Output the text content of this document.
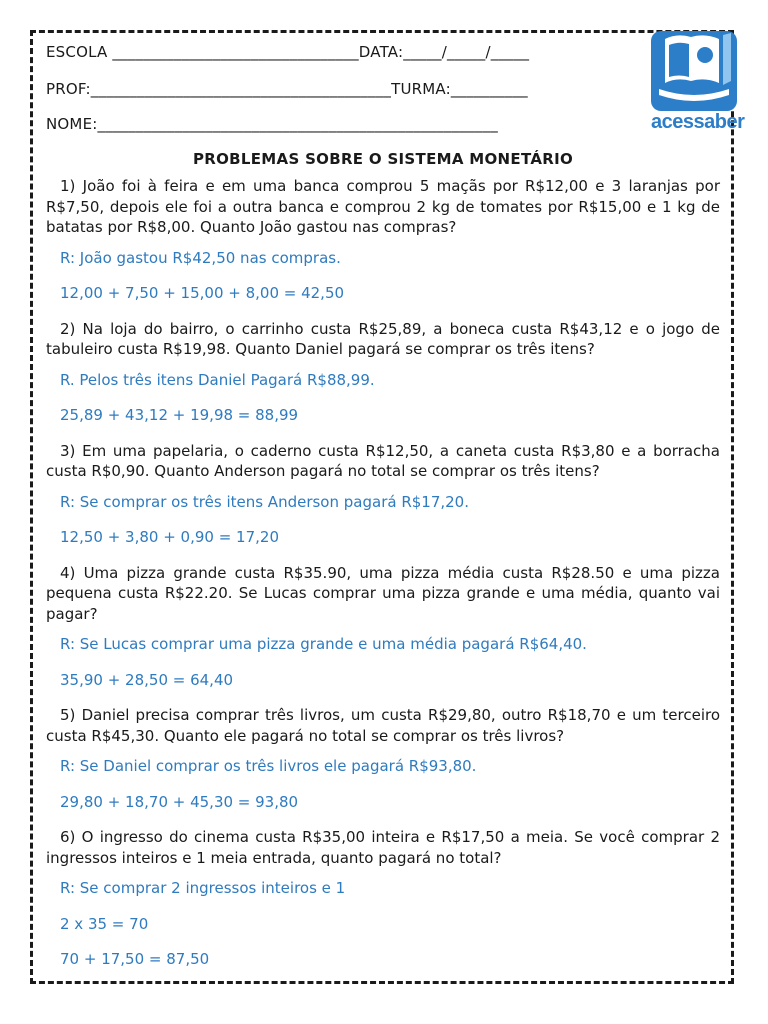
ESCOLA ________________________________DATA:_____/_____/_____
PROF:_______________________________________TURMA:__________
NOME:____________________________________________________	acessaber
PROBLEMAS SOBRE O SISTEMA MONETÁRIO
1) João foi à feira e em uma banca comprou 5 maçãs por R$12,00 e 3 laranjas por R$7,50, depois ele foi a outra banca e comprou 2 kg de tomates por R$15,00 e 1 kg de batatas por R$8,00. Quanto João gastou nas compras?
R: João gastou R$42,50 nas compras.
12,00 + 7,50 + 15,00 + 8,00 = 42,50
2) Na loja do bairro, o carrinho custa R$25,89, a boneca custa R$43,12 e o jogo de tabuleiro custa R$19,98. Quanto Daniel pagará se comprar os três itens?
R. Pelos três itens Daniel Pagará R$88,99.
25,89 + 43,12 + 19,98 = 88,99
3) Em uma papelaria, o caderno custa R$12,50, a caneta custa R$3,80 e a borracha custa R$0,90. Quanto Anderson pagará no total se comprar os três itens?
R: Se comprar os três itens Anderson pagará R$17,20.
12,50 + 3,80 + 0,90 = 17,20
4) Uma pizza grande custa R$35.90, uma pizza média custa R$28.50 e uma pizza pequena custa R$22.20. Se Lucas comprar uma pizza grande e uma média, quanto vai pagar?
R: Se Lucas comprar uma pizza grande e uma média pagará R$64,40.
35,90 + 28,50 = 64,40
5) Daniel precisa comprar três livros, um custa R$29,80, outro R$18,70 e um terceiro custa R$45,30. Quanto ele pagará no total se comprar os três livros?
R: Se Daniel comprar os três livros ele pagará R$93,80.
29,80 + 18,70 + 45,30 = 93,80
6) O ingresso do cinema custa R$35,00 inteira e R$17,50 a meia. Se você comprar 2 ingressos inteiros e 1 meia entrada, quanto pagará no total?
R: Se comprar 2 ingressos inteiros e 1
2 x 35 = 70
70 + 17,50 = 87,50
